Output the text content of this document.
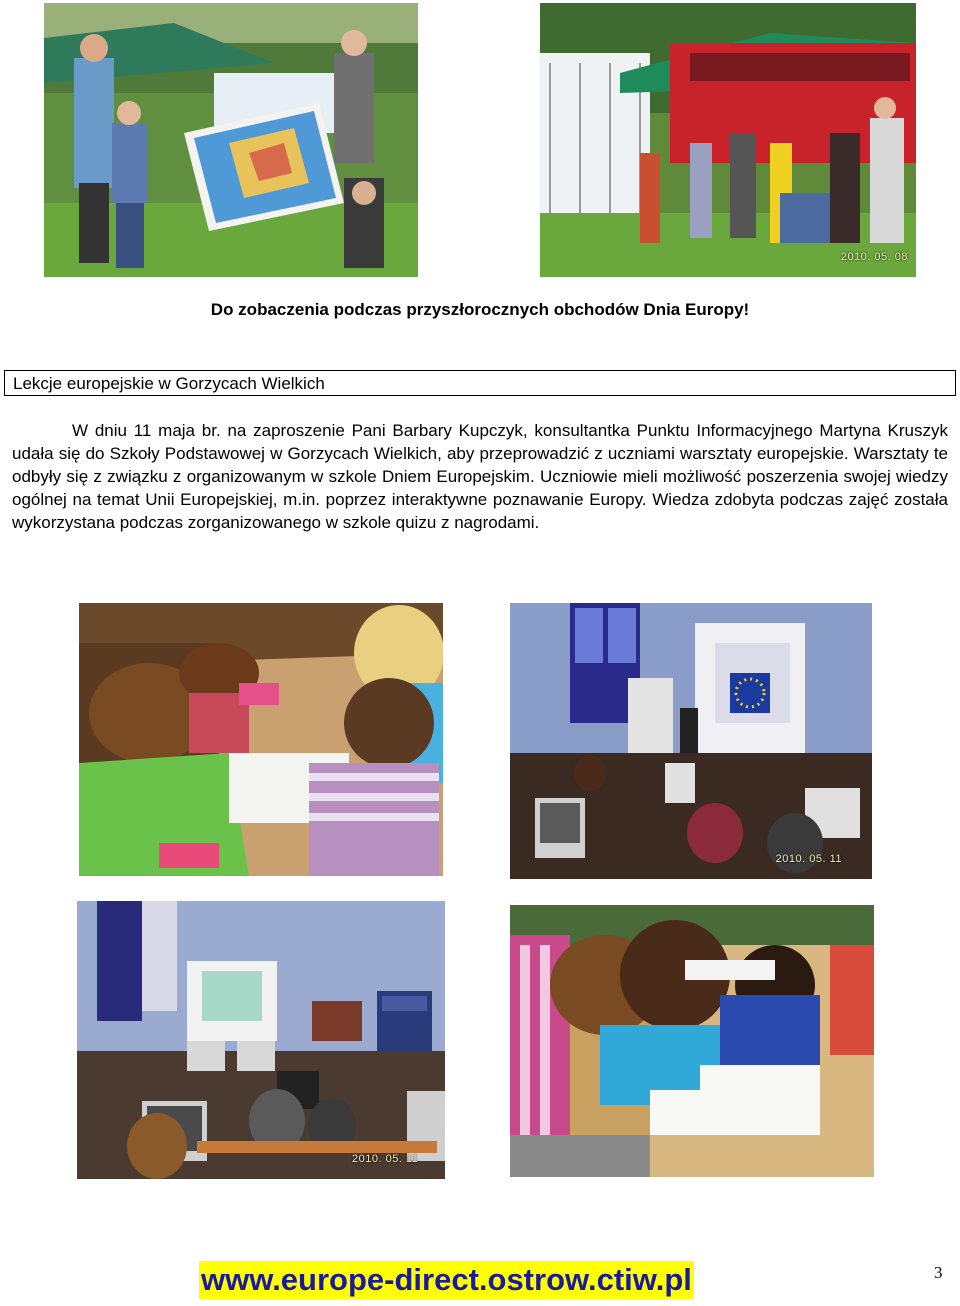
2010. 05. 08
Do zobaczenia podczas przyszłorocznych obchodów Dnia Europy!
Lekcje europejskie w Gorzycach Wielkich

W dniu 11 maja br. na zaproszenie Pani Barbary Kupczyk, konsultantka Punktu Informacyjnego Martyna Kruszyk udała się do Szkoły Podstawowej w Gorzycach Wielkich, aby przeprowadzić z uczniami warsztaty europejskie. Warsztaty te odbyły się z związku z organizowanym w szkole Dniem Europejskim. Uczniowie mieli możliwość poszerzenia swojej wiedzy ogólnej na temat Unii Europejskiej, m.in. poprzez interaktywne poznawanie Europy. Wiedza zdobyta podczas zajęć została wykorzystana podczas zorganizowanego w szkole quizu z nagrodami.

2010. 05. 11
2010. 05. 11
www.europe-direct.ostrow.ctiw.pl	3
